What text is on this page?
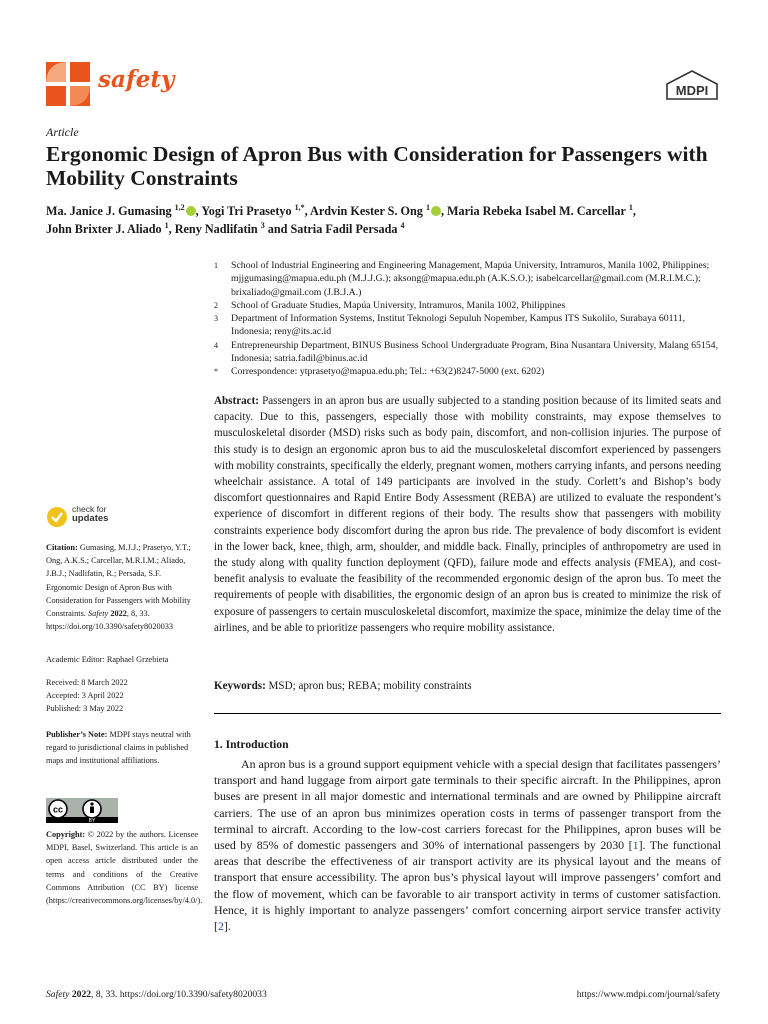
safety	MDPI
Article
Ergonomic Design of Apron Bus with Consideration for Passengers with Mobility Constraints
Ma. Janice J. Gumasing $^{1,2}$ , Yogi Tri Prasetyo $^{1,*}$, Ardvin Kester S. Ong $^1$ , Maria Rebeka Isabel M. Carcellar $^1$,
John Brixter J. Aliado $^1$, Reny Nadlifatin $^3$ and Satria Fadil Persada $^4$
1	School of Industrial Engineering and Engineering Management, Mapúa University, Intramuros, Manila 1002, Philippines; mjjgumasing@mapua.edu.ph (M.J.J.G.); aksong@mapua.edu.ph (A.K.S.O.); isabelcarcellar@gmail.com (M.R.I.M.C.); brixaliado@gmail.com (J.B.J.A.)
2	School of Graduate Studies, Mapúa University, Intramuros, Manila 1002, Philippines
3	Department of Information Systems, Institut Teknologi Sepuluh Nopember, Kampus ITS Sukolilo, Surabaya 60111, Indonesia; reny@its.ac.id
4	Entrepreneurship Department, BINUS Business School Undergraduate Program, Bina Nusantara University, Malang 65154, Indonesia; satria.fadil@binus.ac.id
*	Correspondence: ytprasetyo@mapua.edu.ph; Tel.: +63(2)8247-5000 (ext. 6202)
Abstract: Passengers in an apron bus are usually subjected to a standing position because of its limited seats and capacity. Due to this, passengers, especially those with mobility constraints, may expose themselves to musculoskeletal disorder (MSD) risks such as body pain, discomfort, and non-collision injuries. The purpose of this study is to design an ergonomic apron bus to aid the musculoskeletal discomfort experienced by passengers with mobility constraints, specifically the elderly, pregnant women, mothers carrying infants, and persons needing wheelchair assistance. A total of 149 participants are involved in the study. Corlett’s and Bishop’s body discomfort questionnaires and Rapid Entire Body Assessment (REBA) are utilized to evaluate the respondent’s experience of discomfort in different regions of their body. The results show that passengers with mobility constraints experience body discomfort during the apron bus ride. The prevalence of body discomfort is evident in the lower back, knee, thigh, arm, shoulder, and middle back. Finally, principles of anthropometry are used in the study along with quality function deployment (QFD), failure mode and effects analysis (FMEA), and cost-benefit analysis to evaluate the feasibility of the recommended ergonomic design of the apron bus. To meet the requirements of people with disabilities, the ergonomic design of an apron bus is created to minimize the risk of exposure of passengers to certain musculoskeletal discomfort, maximize the space, minimize the delay time of the airlines, and be able to prioritize passengers who require mobility assistance.
Keywords: MSD; apron bus; REBA; mobility constraints
1. Introduction

An apron bus is a ground support equipment vehicle with a special design that facilitates passengers’ transport and hand luggage from airport gate terminals to their specific aircraft. In the Philippines, apron buses are present in all major domestic and international terminals and are owned by Philippine aircraft carriers. The use of an apron bus minimizes operation costs in terms of passenger transport from the terminal to aircraft. According to the low-cost carriers forecast for the Philippines, apron buses will be used by 85% of domestic passengers and 30% of international passengers by 2030 [1]. The functional areas that describe the effectiveness of air transport activity are its physical layout and the means of transport that ensure accessibility. The apron bus’s physical layout will improve passengers’ comfort and the flow of movement, which can be favorable to air transport activity in terms of customer satisfaction. Hence, it is highly important to analyze passengers’ comfort concerning airport service transfer activity [2].

check for
updates
Citation: Gumasing, M.J.J.; Prasetyo, Y.T.; Ong, A.K.S.; Carcellar, M.R.I.M.; Aliado, J.B.J.; Nadlifatin, R.; Persada, S.F. Ergonomic Design of Apron Bus with Consideration for Passengers with Mobility Constraints. Safety 2022, 8, 33. https://doi.org/10.3390/safety8020033
Academic Editor: Raphael Grzebieta
Received: 8 March 2022
Accepted: 3 April 2022
Published: 3 May 2022
Publisher’s Note: MDPI stays neutral with regard to jurisdictional claims in published maps and institutional affiliations.
cc
BY
Copyright: © 2022 by the authors. Licensee MDPI, Basel, Switzerland. This article is an open access article distributed under the terms and conditions of the Creative Commons Attribution (CC BY) license (https://creativecommons.org/licenses/by/4.0/).
Safety 2022, 8, 33. https://doi.org/10.3390/safety8020033	https://www.mdpi.com/journal/safety
